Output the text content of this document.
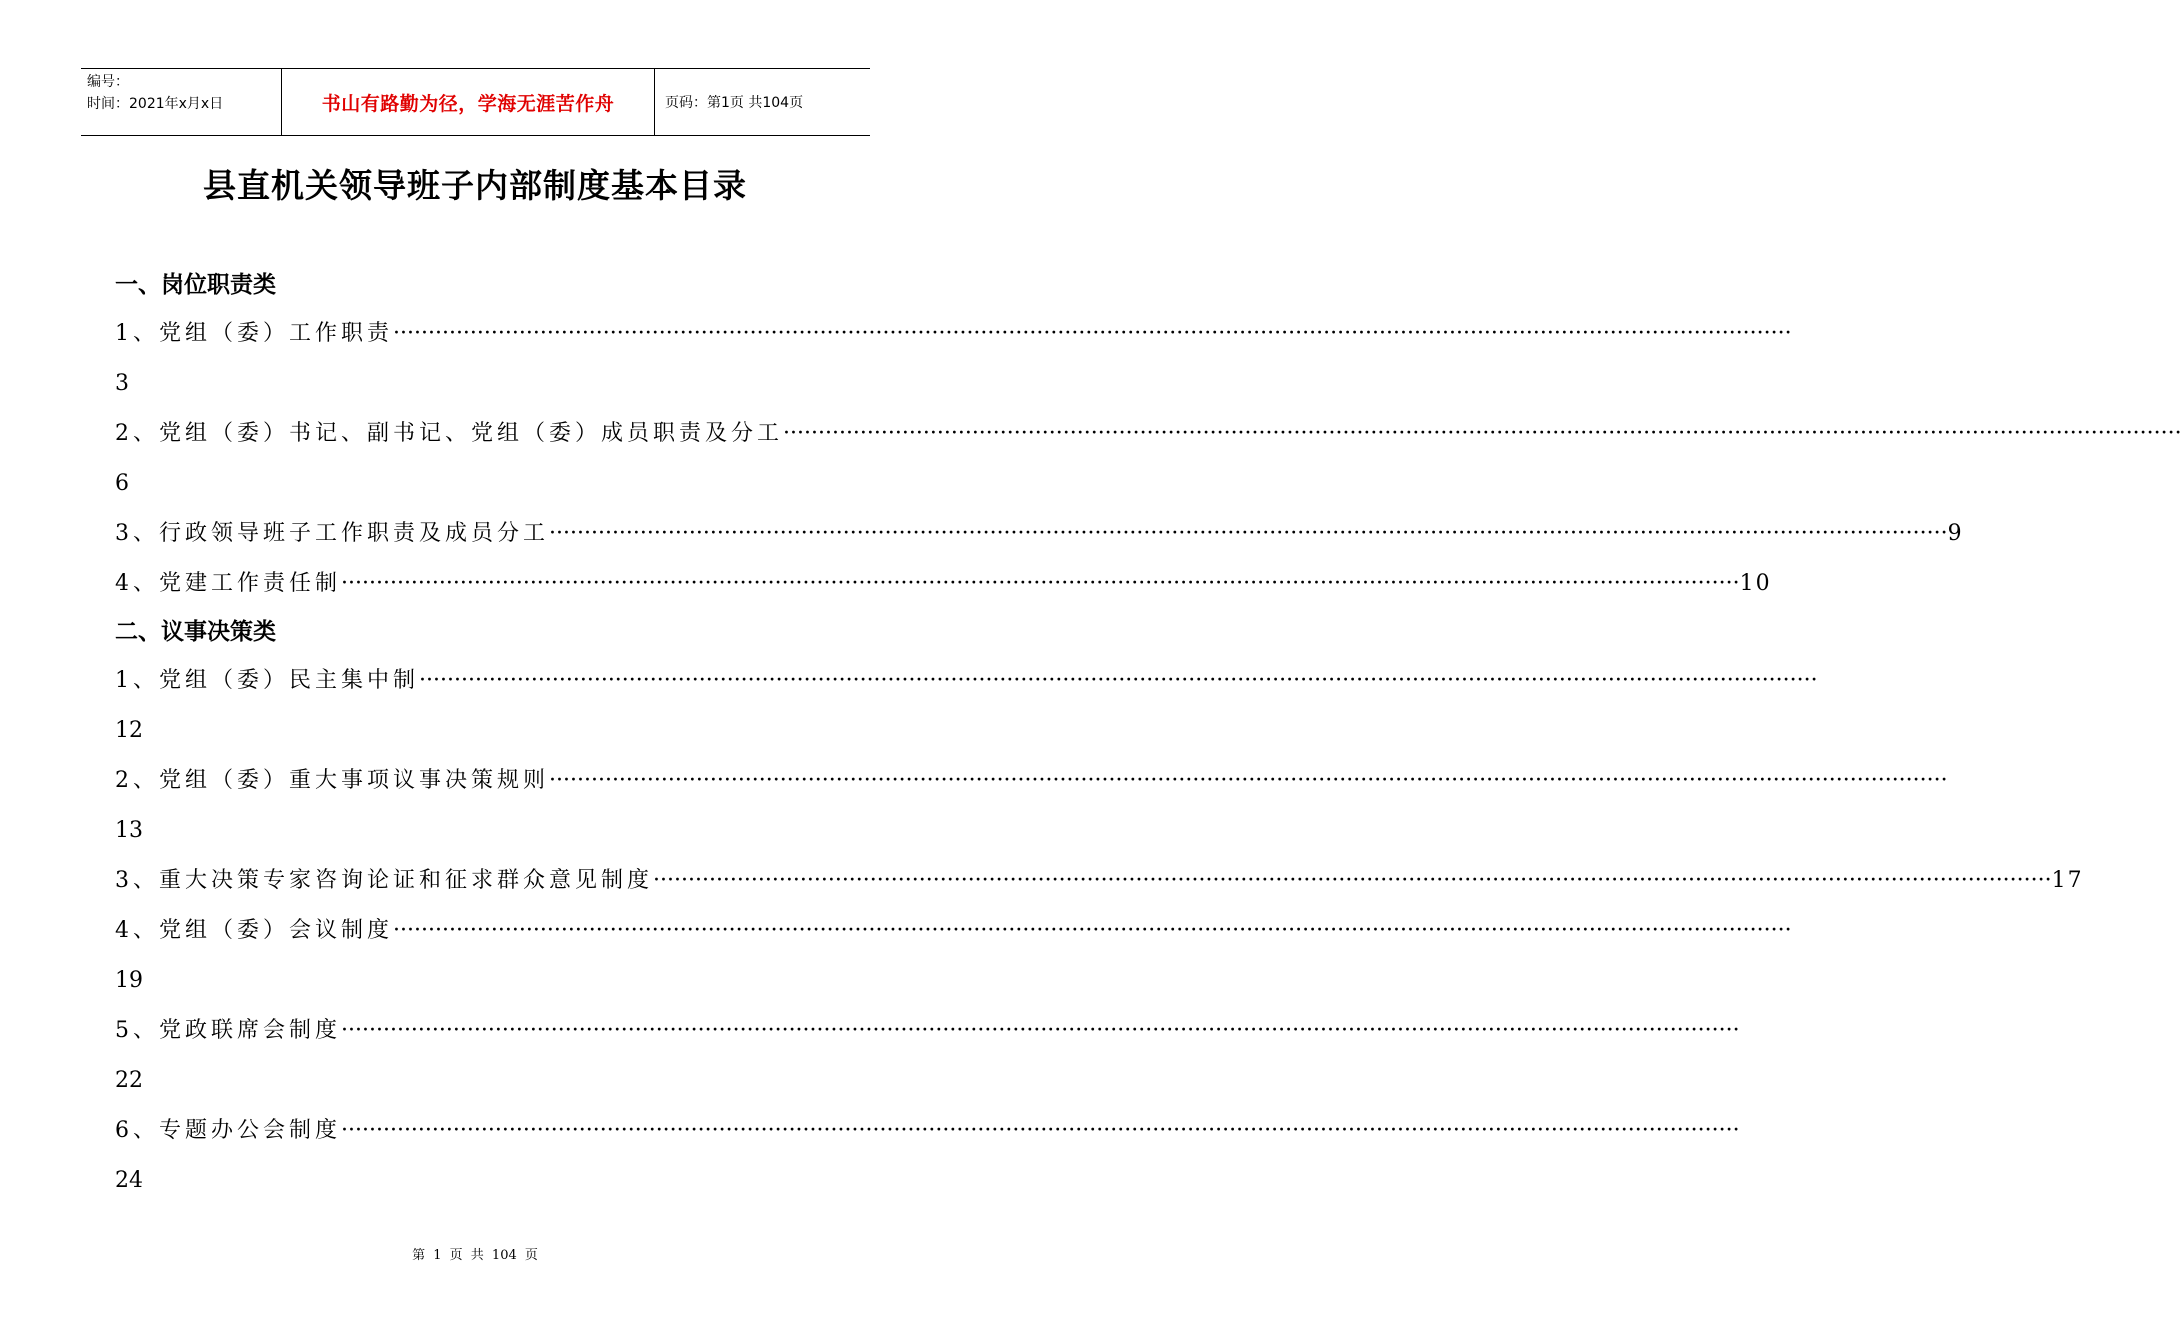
编号：
时间：2021年x月x日	书山有路勤为径，学海无涯苦作舟	页码：第1页 共104页
县直机关领导班子内部制度基本目录
一、岗位职责类
1、党组（委）工作职责 ········································································································································································································
3
2、党组（委）书记、副书记、党组（委）成员职责及分工 ········································································································································································································
6
3、行政领导班子工作职责及成员分工 ········································································································································································································ 9
4、党建工作责任制 ········································································································································································································ 10
二、议事决策类
1、党组（委）民主集中制 ········································································································································································································
12
2、党组（委）重大事项议事决策规则 ········································································································································································································
13
3、重大决策专家咨询论证和征求群众意见制度 ········································································································································································································ 17
4、党组（委）会议制度 ········································································································································································································
19
5、党政联席会制度 ········································································································································································································
22
6、专题办公会制度 ········································································································································································································
24
第 1 页 共 104 页
